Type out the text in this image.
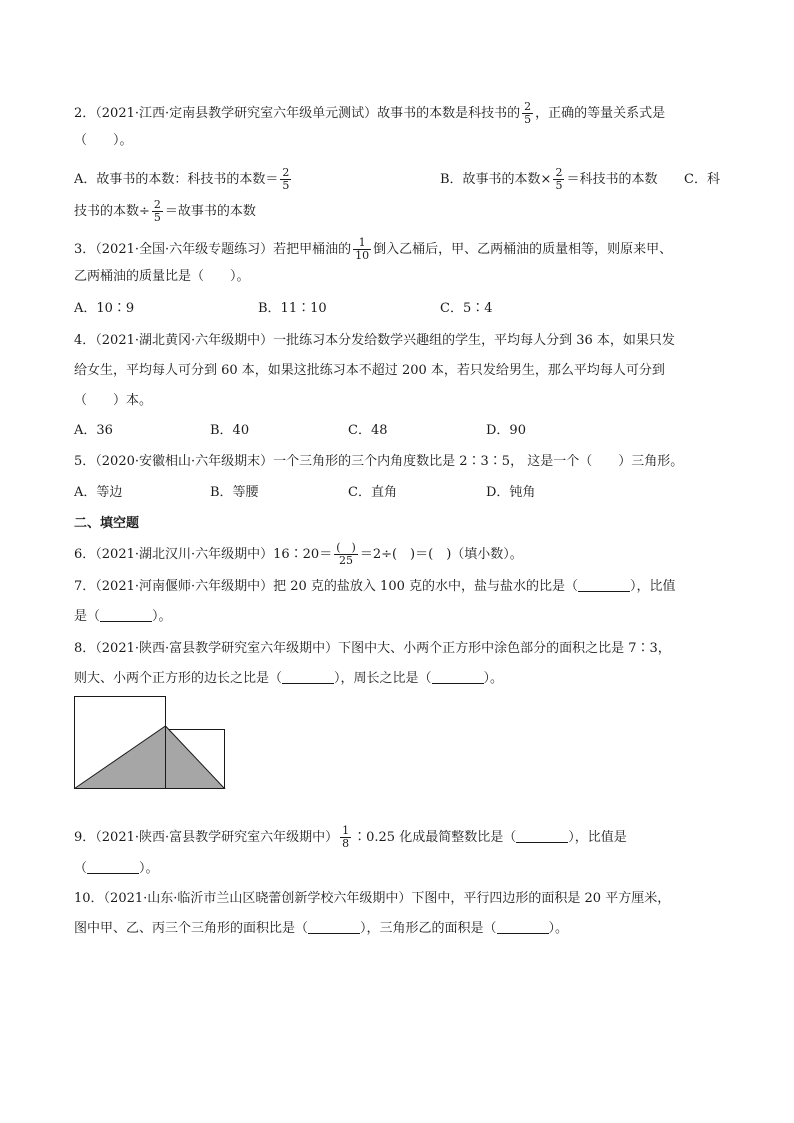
2．（2021·江西·定南县教学研究室六年级单元测试）故事书的本数是科技书的 $\frac{2}{5}$ ，正确的等量关系式是
（　　）。
A．故事书的本数：科技书的本数＝ $\frac{2}{5}$	B．故事书的本数× $\frac{2}{5}$ ＝科技书的本数 C．科
技书的本数÷ $\frac{2}{5}$ ＝故事书的本数
3．（2021·全国·六年级专题练习）若把甲桶油的 $\frac{1}{10}$ 倒入乙桶后，甲、乙两桶油的质量相等，则原来甲、
乙两桶油的质量比是（　　）。
A．10∶9	B．11∶10	C．5∶4
4．（2021·湖北黄冈·六年级期中）一批练习本分发给数学兴趣组的学生，平均每人分到 36 本，如果只发
给女生，平均每人可分到 60 本，如果这批练习本不超过 200 本，若只发给男生，那么平均每人可分到
（　　）本。
A．36	B．40	C．48	D．90
5．（2020·安徽相山·六年级期末）一个三角形的三个内角度数比是 2∶3∶5， 这是一个（　　）三角形。
A．等边	B．等腰	C．直角	D．钝角
二、填空题
6．（2021·湖北汉川·六年级期中）16∶20＝ $\frac{( )}{25} =2\div$(　)＝(　)（填小数）。
7．（2021·河南偃师·六年级期中）把 20 克的盐放入 100 克的水中，盐与盐水的比是（	），比值
是（	）。
8．（2021·陕西·富县教学研究室六年级期中）下图中大、小两个正方形中涂色部分的面积之比是 7∶3，
则大、小两个正方形的边长之比是（	），周长之比是（	）。
9．（2021·陕西·富县教学研究室六年级期中） $\frac{1}{8}$ ∶0.25 化成最简整数比是（	），比值是
（	）。
10．（2021·山东·临沂市兰山区晓蕾创新学校六年级期中）下图中，平行四边形的面积是 20 平方厘米，
图中甲、乙、丙三个三角形的面积比是（	），三角形乙的面积是（	）。
